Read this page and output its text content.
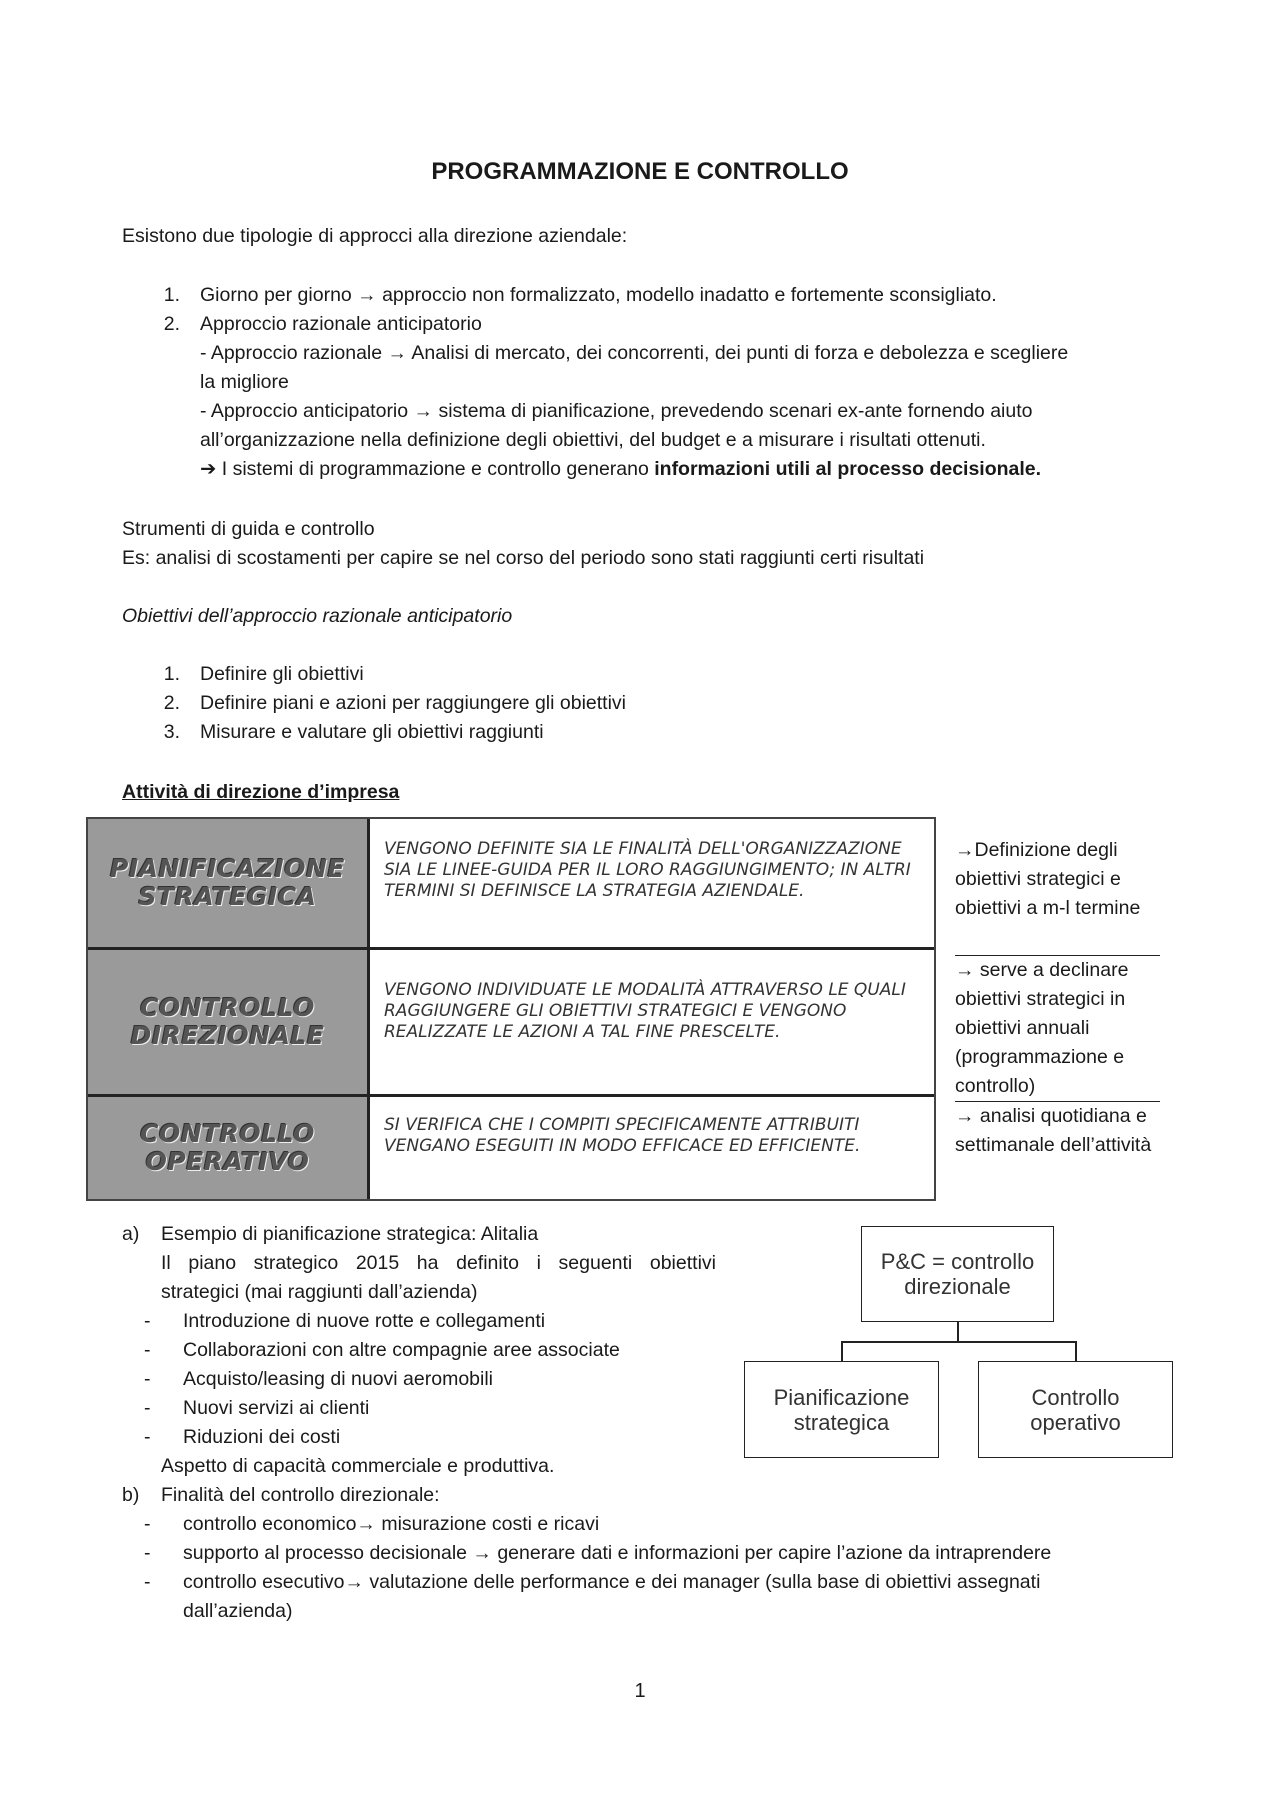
PROGRAMMAZIONE E CONTROLLO
Esistono due tipologie di approcci alla direzione aziendale:
1. Giorno per giorno → approccio non formalizzato, modello inadatto e fortemente sconsigliato.
2. Approccio razionale anticipatorio
- Approccio razionale → Analisi di mercato, dei concorrenti, dei punti di forza e debolezza e scegliere
la migliore
- Approccio anticipatorio → sistema di pianificazione, prevedendo scenari ex-ante fornendo aiuto
all’organizzazione nella definizione degli obiettivi, del budget e a misurare i risultati ottenuti.
➔ I sistemi di programmazione e controllo generano informazioni utili al processo decisionale.
Strumenti di guida e controllo
Es: analisi di scostamenti per capire se nel corso del periodo sono stati raggiunti certi risultati
Obiettivi dell’approccio razionale anticipatorio
1. Definire gli obiettivi
2. Definire piani e azioni per raggiungere gli obiettivi
3. Misurare e valutare gli obiettivi raggiunti
Attività di direzione d’impresa
PIANIFICAZIONE
STRATEGICA
VENGONO DEFINITE SIA LE FINALITÀ DELL'ORGANIZZAZIONE SIA LE LINEE-GUIDA PER IL LORO RAGGIUNGIMENTO; IN ALTRI TERMINI SI DEFINISCE LA STRATEGIA AZIENDALE.
CONTROLLO
DIREZIONALE
VENGONO INDIVIDUATE LE MODALITÀ ATTRAVERSO LE QUALI RAGGIUNGERE GLI OBIETTIVI STRATEGICI E VENGONO REALIZZATE LE AZIONI A TAL FINE PRESCELTE.
CONTROLLO
OPERATIVO
SI VERIFICA CHE I COMPITI SPECIFICAMENTE ATTRIBUITI VENGANO ESEGUITI IN MODO EFFICACE ED EFFICIENTE.
→Definizione degli obiettivi strategici e obiettivi a m-l termine
→ serve a declinare obiettivi strategici in obiettivi annuali (programmazione e controllo)
→ analisi quotidiana e settimanale dell’attività
a) Esempio di pianificazione strategica: Alitalia
Il piano strategico 2015 ha definito i seguenti obiettivi
strategici (mai raggiunti dall’azienda)
- Introduzione di nuove rotte e collegamenti
- Collaborazioni con altre compagnie aree associate
- Acquisto/leasing di nuovi aeromobili
- Nuovi servizi ai clienti
- Riduzioni dei costi
Aspetto di capacità commerciale e produttiva.
P&C = controllo
direzionale
Pianificazione
strategica
Controllo
operativo
b) Finalità del controllo direzionale:
- controllo economico→ misurazione costi e ricavi
- supporto al processo decisionale → generare dati e informazioni per capire l’azione da intraprendere
- controllo esecutivo→ valutazione delle performance e dei manager (sulla base di obiettivi assegnati
dall’azienda)
1
